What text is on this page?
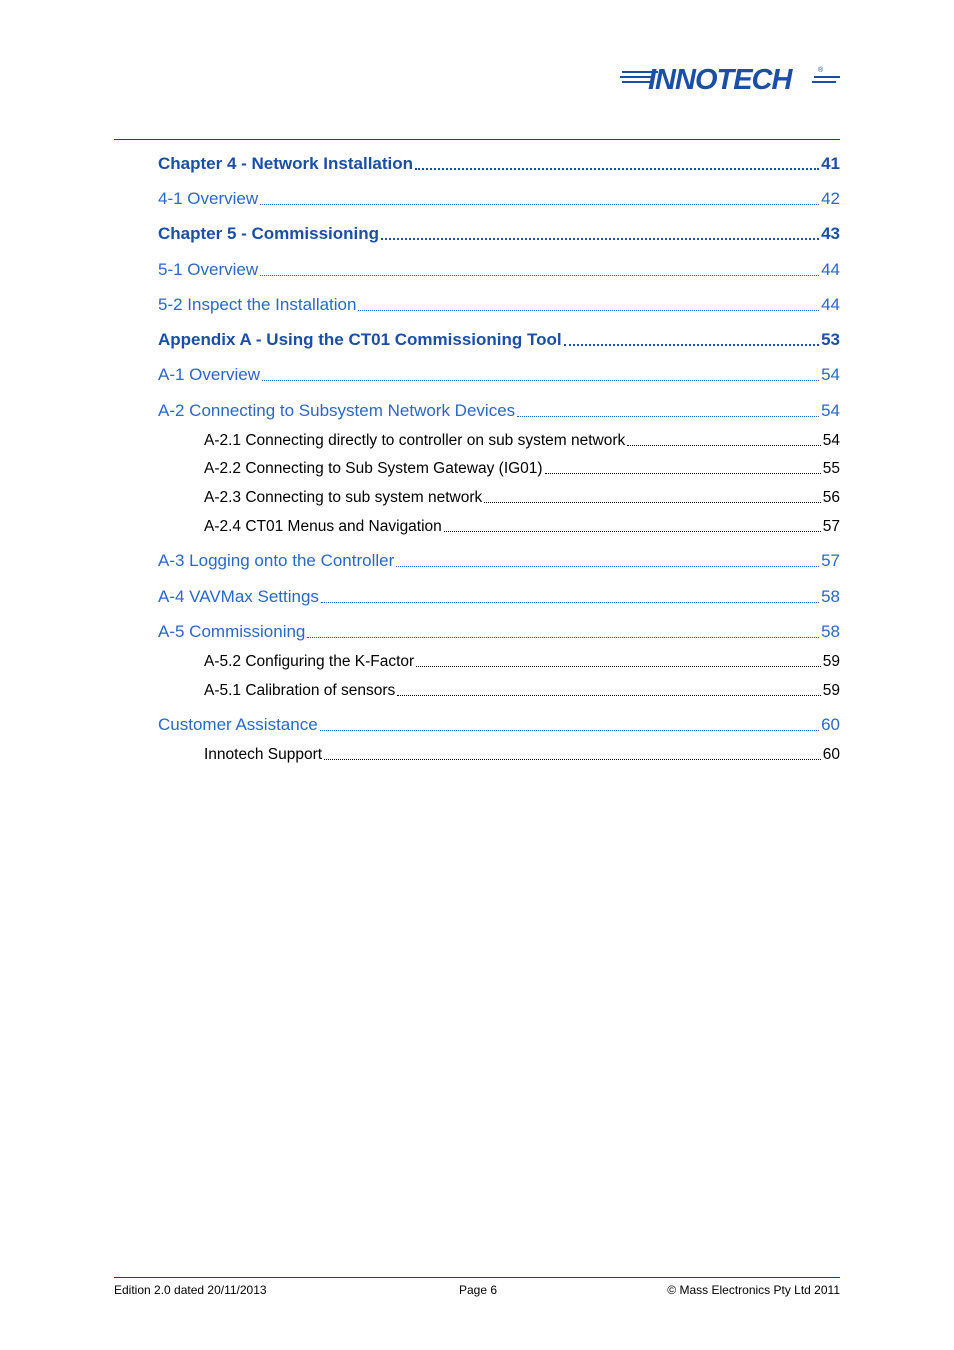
INNOTECH	®
Chapter 4 - Network Installation	41
4-1 Overview	42
Chapter 5 - Commissioning	43
5-1 Overview	44
5-2 Inspect the Installation	44
Appendix A - Using the CT01 Commissioning Tool	53
A-1 Overview	54
A-2 Connecting to Subsystem Network Devices	54
A-2.1 Connecting directly to controller on sub system network	54
A-2.2 Connecting to Sub System Gateway (IG01)	55
A-2.3 Connecting to sub system network	56
A-2.4 CT01 Menus and Navigation	57
A-3 Logging onto the Controller	57
A-4 VAVMax Settings	58
A-5 Commissioning	58
A-5.2 Configuring the K-Factor	59
A-5.1 Calibration of sensors	59
Customer Assistance	60
Innotech Support	60
Edition 2.0 dated 20/11/2013	Page 6	© Mass Electronics Pty Ltd 2011
